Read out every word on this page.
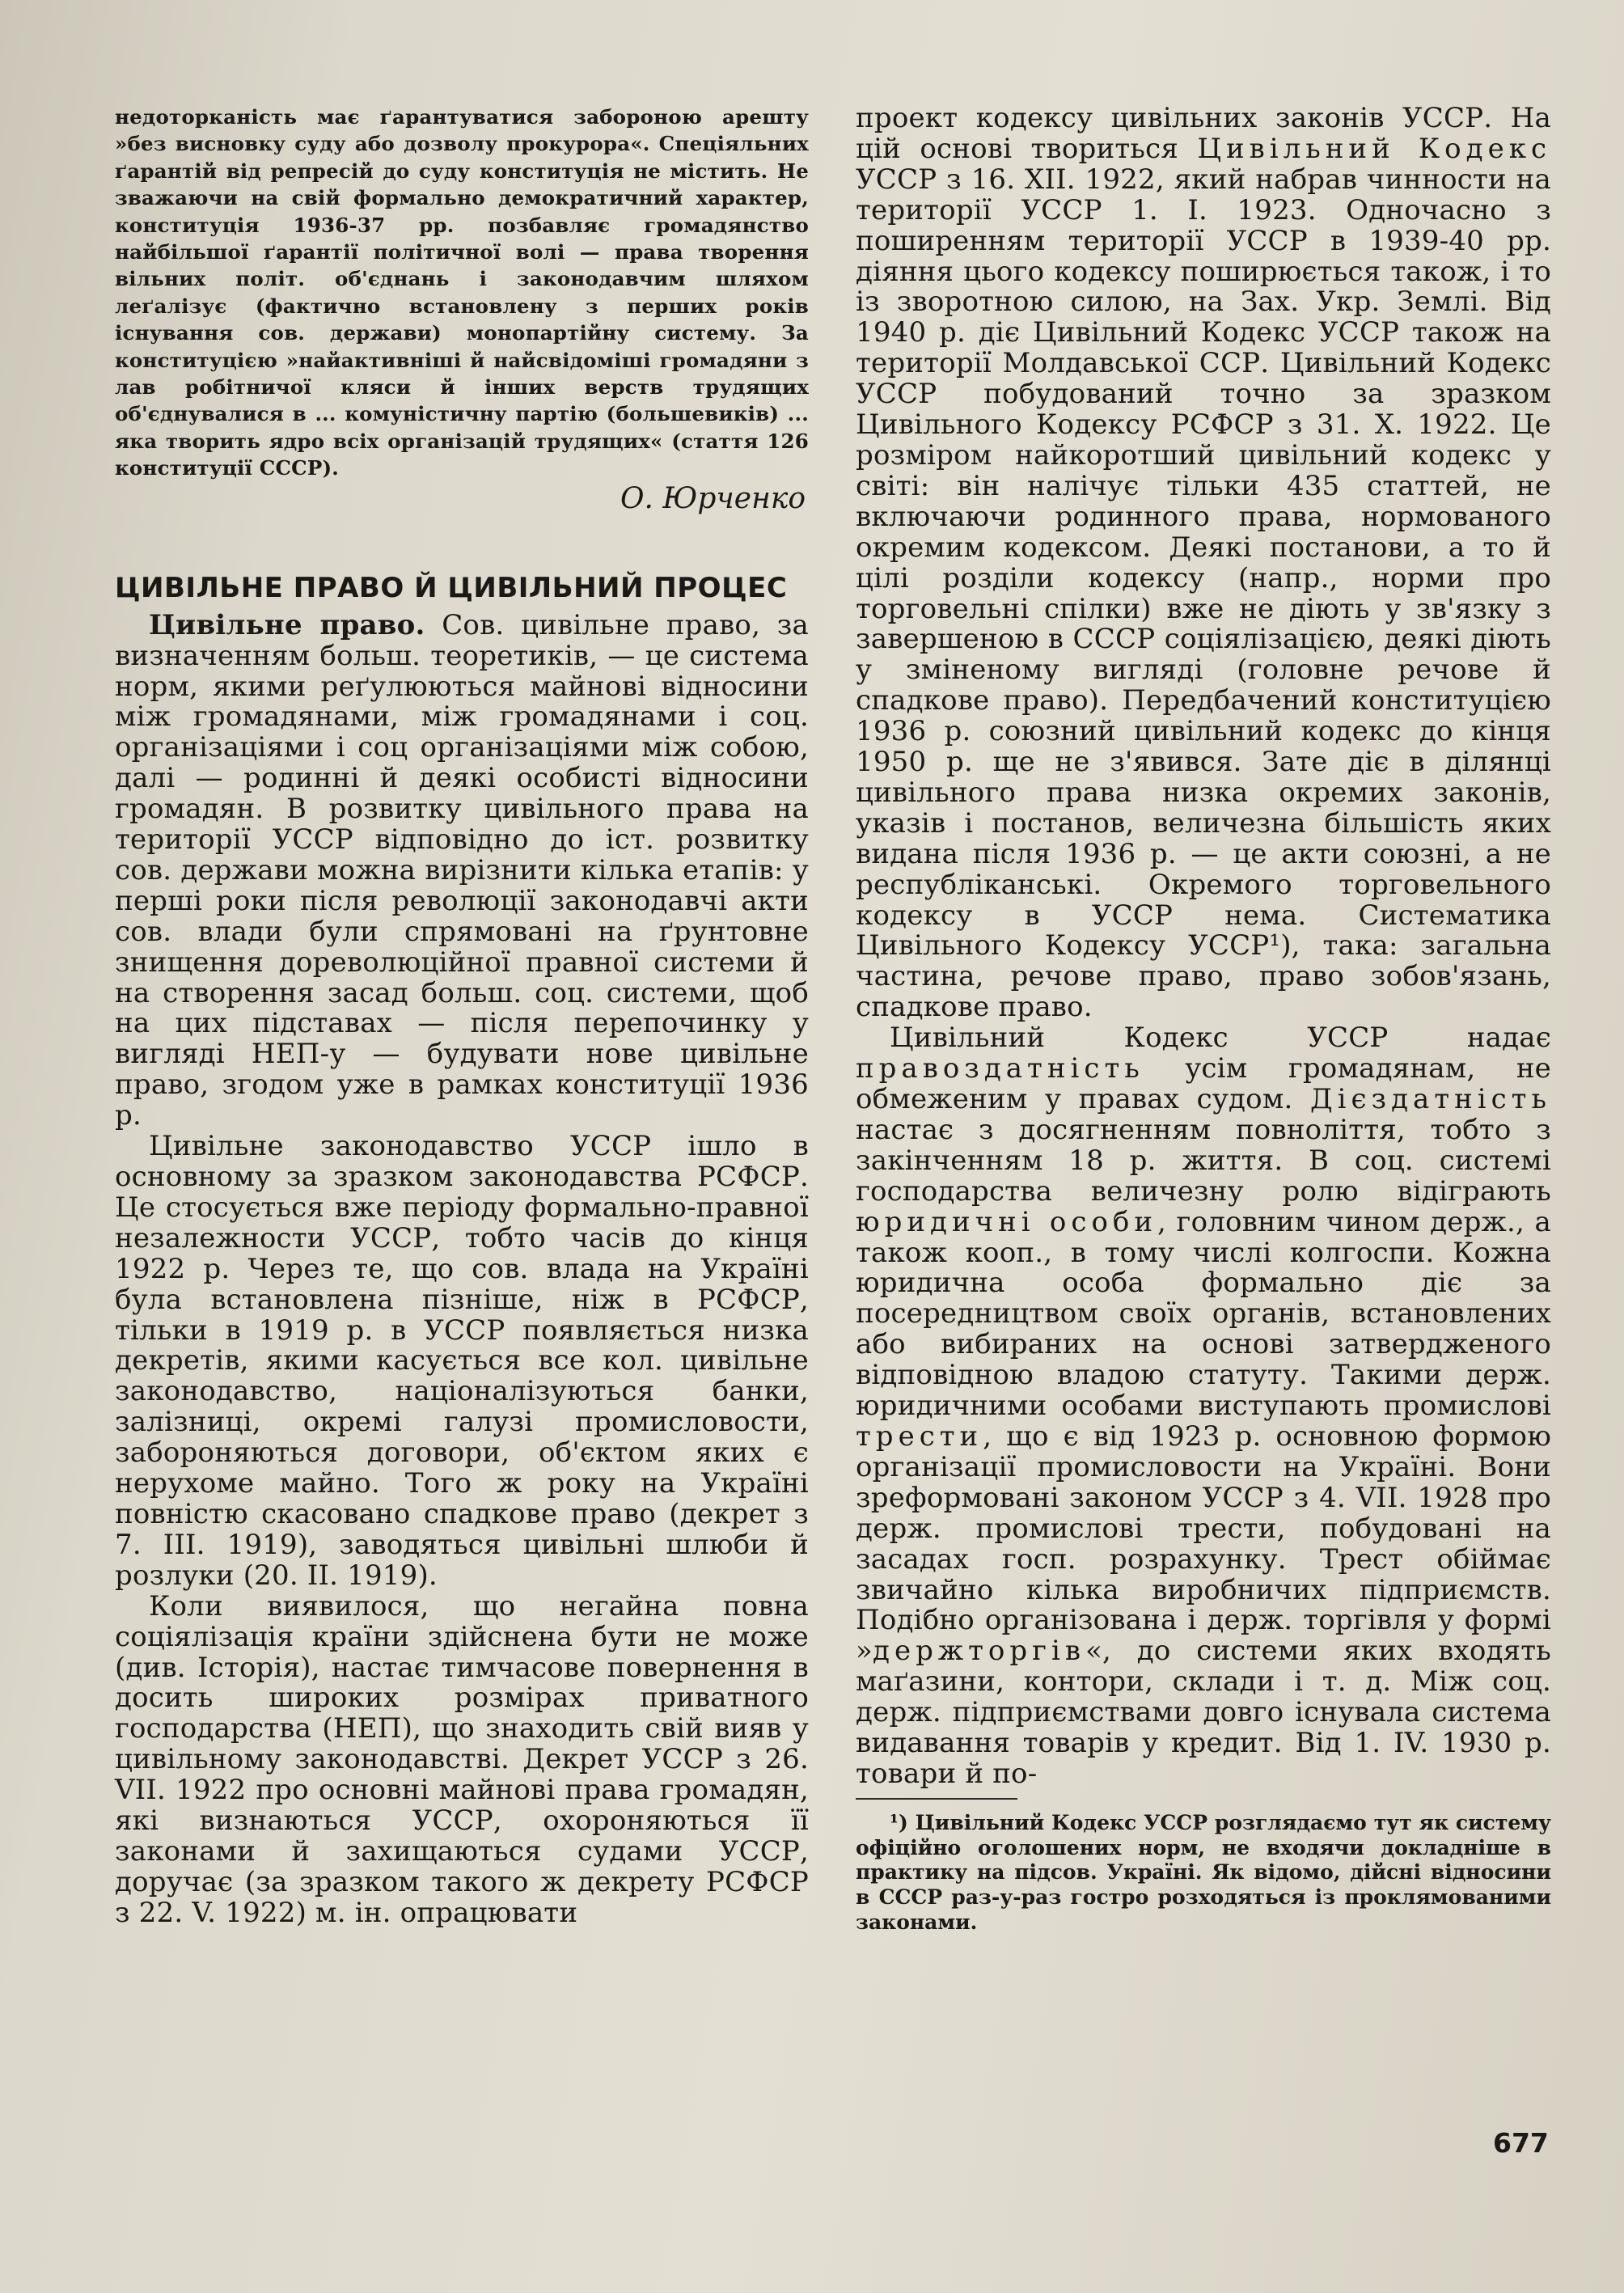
недоторканість має ґарантуватися забороною арешту »без висновку суду або дозволу прокурора«. Спеціяльних ґарантій від репресій до суду конституція не містить. Не зважаючи на свій формально демократичний характер, конституція 1936-37 рр. позбавляє громадянство найбільшої ґарантії політичної волі — права творення вільних політ. об'єднань і законодавчим шляхом леґалізує (фактично встановлену з перших років існування сов. держави) монопартійну систему. За конституцією »найактивніші й найсвідоміші громадяни з лав робітничої кляси й інших верств трудящих об'єднувалися в ... комуністичну партію (большевиків) ... яка творить ядро всіх організацій трудящих« (стаття 126 конституції СССР).

О. Юрченко

ЦИВІЛЬНЕ ПРАВО Й ЦИВІЛЬНИЙ ПРОЦЕС

Цивільне право. Сов. цивільне право, за визначенням больш. теоретиків, — це система норм, якими реґулюються майнові відносини між громадянами, між громадянами і соц. організаціями і соц організаціями між собою, далі — родинні й деякі особисті відносини громадян. В розвитку цивільного права на території УССР відповідно до іст. розвитку сов. держави можна вирізнити кілька етапів: у перші роки після революції законодавчі акти сов. влади були спрямовані на ґрунтовне знищення дореволюційної правної системи й на створення засад больш. соц. системи, щоб на цих підставах — після перепочинку у вигляді НЕП-у — будувати нове цивільне право, згодом уже в рамках конституції 1936 р.

Цивільне законодавство УССР ішло в основному за зразком законодавства РСФСР. Це стосується вже періоду формально-правної незалежности УССР, тобто часів до кінця 1922 р. Через те, що сов. влада на Україні була встановлена пізніше, ніж в РСФСР, тільки в 1919 р. в УССР появляється низка декретів, якими касується все кол. цивільне законодавство, націоналізуються банки, залізниці, окремі галузі промисловости, забороняються договори, об'єктом яких є нерухоме майно. Того ж року на Україні повністю скасовано спадкове право (декрет з 7. III. 1919), заводяться цивільні шлюби й розлуки (20. II. 1919).

Коли виявилося, що негайна повна соціялізація країни здійснена бути не може (див. Історія), настає тимчасове повернення в досить широких розмірах приватного господарства (НЕП), що знаходить свій вияв у цивільному законодавстві. Декрет УССР з 26. VII. 1922 про основні майнові права громадян, які визнаються УССР, охороняються її законами й захищаються судами УССР, доручає (за зразком такого ж декрету РСФСР з 22. V. 1922) м. ін. опрацювати

проект кодексу цивільних законів УССР. На цій основі твориться Цивільний Кодекс УССР з 16. XII. 1922, який набрав чинности на території УССР 1. I. 1923. Одночасно з поширенням території УССР в 1939-40 рр. діяння цього кодексу поширюється також, і то із зворотною силою, на Зах. Укр. Землі. Від 1940 р. діє Цивільний Кодекс УССР також на території Молдавської ССР. Цивільний Кодекс УССР побудований точно за зразком Цивільного Кодексу РСФСР з 31. X. 1922. Це розміром найкоротший цивільний кодекс у світі: він налічує тільки 435 статтей, не включаючи родинного права, нормованого окремим кодексом. Деякі постанови, а то й цілі розділи кодексу (напр., норми про торговельні спілки) вже не діють у зв'язку з завершеною в СССР соціялізацією, деякі діють у зміненому вигляді (головне речове й спадкове право). Передбачений конституцією 1936 р. союзний цивільний кодекс до кінця 1950 р. ще не з'явився. Зате діє в ділянці цивільного права низка окремих законів, указів і постанов, величезна більшість яких видана після 1936 р. — це акти союзні, а не республіканські. Окремого торговельного кодексу в УССР нема. Систематика Цивільного Кодексу УССР¹), така: загальна частина, речове право, право зобов'язань, спадкове право.

Цивільний Кодекс УССР надає правоздатність усім громадянам, не обмеженим у правах судом. Дієздатність настає з досягненням повноліття, тобто з закінченням 18 р. життя. В соц. системі господарства величезну ролю відіграють юридичні особи, головним чином держ., а також кооп., в тому числі колгоспи. Кожна юридична особа формально діє за посередництвом своїх органів, встановлених або вибираних на основі затвердженого відповідною владою статуту. Такими держ. юридичними особами виступають промислові трести, що є від 1923 р. основною формою організації промисловости на Україні. Вони зреформовані законом УССР з 4. VII. 1928 про держ. промислові трести, побудовані на засадах госп. розрахунку. Трест обіймає звичайно кілька виробничих підприємств. Подібно організована і держ. торгівля у формі »держторгів«, до системи яких входять маґазини, контори, склади і т. д. Між соц. держ. підприємствами довго існувала система видавання товарів у кредит. Від 1. IV. 1930 р. товари й по-

¹) Цивільний Кодекс УССР розглядаємо тут як систему офіційно оголошених норм, не входячи докладніше в практику на підсов. Україні. Як відомо, дійсні відносини в СССР раз-у-раз гостро розходяться із проклямованими законами.

677
